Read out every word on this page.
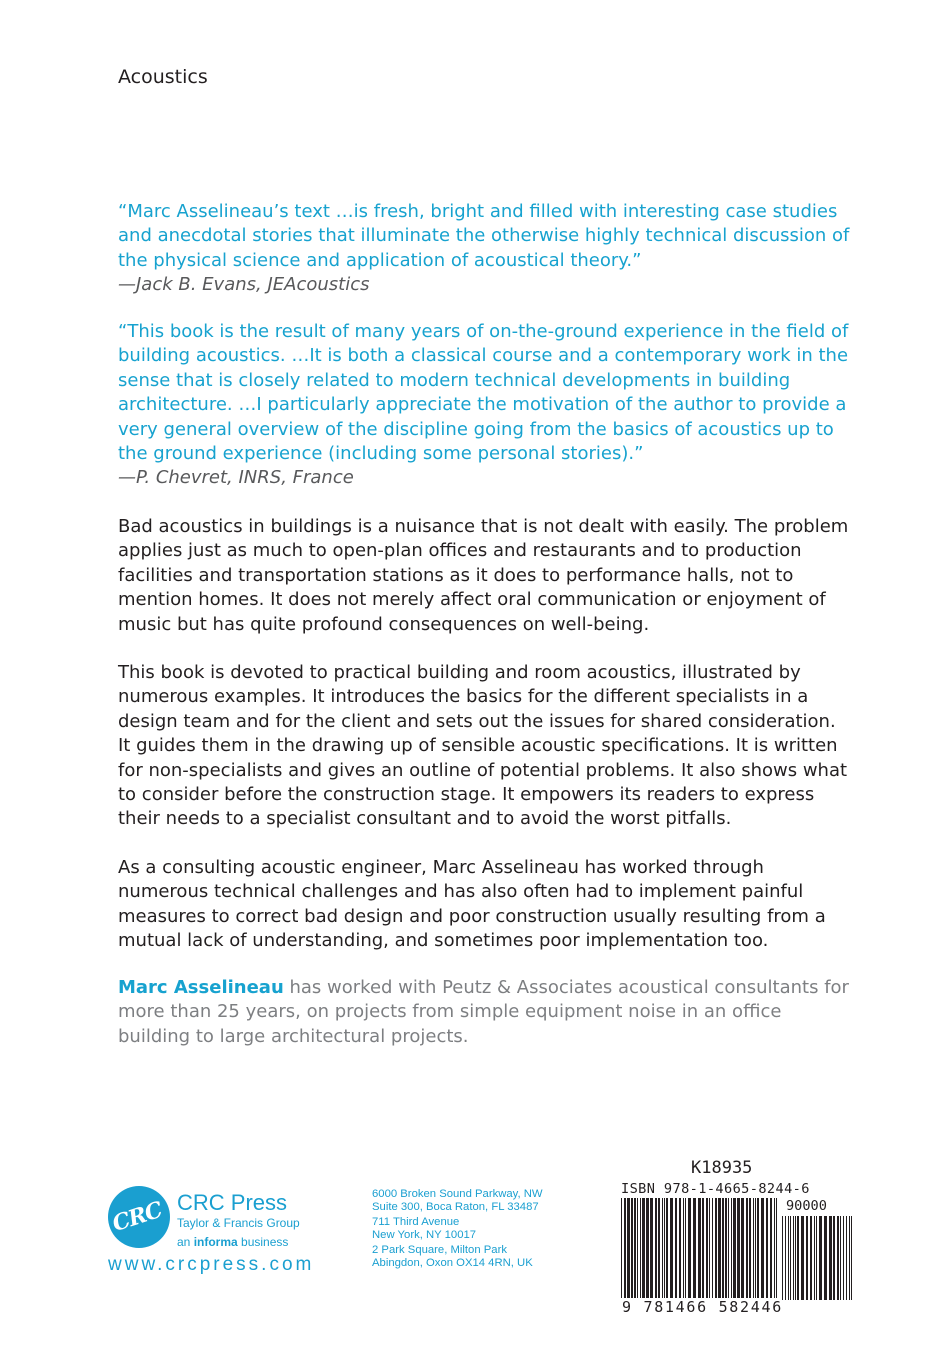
Acoustics
“Marc Asselineau’s text …is fresh, bright and filled with interesting case studies and anecdotal stories that illuminate the otherwise highly technical discussion of the physical science and application of acoustical theory.”
—Jack B. Evans, JEAcoustics
“This book is the result of many years of on-the-ground experience in the field of building acoustics. …It is both a classical course and a contemporary work in the sense that is closely related to modern technical developments in building architecture. …I particularly appreciate the motivation of the author to provide a very general overview of the discipline going from the basics of acoustics up to the ground experience (including some personal stories).”
—P. Chevret, INRS, France
Bad acoustics in buildings is a nuisance that is not dealt with easily. The problem applies just as much to open-plan offices and restaurants and to production facilities and transportation stations as it does to performance halls, not to mention homes. It does not merely affect oral communication or enjoyment of music but has quite profound consequences on well-being.
This book is devoted to practical building and room acoustics, illustrated by numerous examples. It introduces the basics for the different specialists in a design team and for the client and sets out the issues for shared consideration. It guides them in the drawing up of sensible acoustic specifications. It is written for non-specialists and gives an outline of potential problems. It also shows what to consider before the construction stage. It empowers its readers to express their needs to a specialist consultant and to avoid the worst pitfalls.
As a consulting acoustic engineer, Marc Asselineau has worked through numerous technical challenges and has also often had to implement painful measures to correct bad design and poor construction usually resulting from a mutual lack of understanding, and sometimes poor implementation too.
Marc Asselineau has worked with Peutz & Associates acoustical consultants for more than 25 years, on projects from simple equipment noise in an office building to large architectural projects.
CRC CRC Press
Taylor & Francis Group
an informa business
www.crcpress.com
6000 Broken Sound Parkway, NW
Suite 300, Boca Raton, FL 33487
711 Third Avenue
New York, NY 10017
2 Park Square, Milton Park
Abingdon, Oxon OX14 4RN, UK
K18935
ISBN 978-1-4665-8244-6
90000
9 781466 582446
